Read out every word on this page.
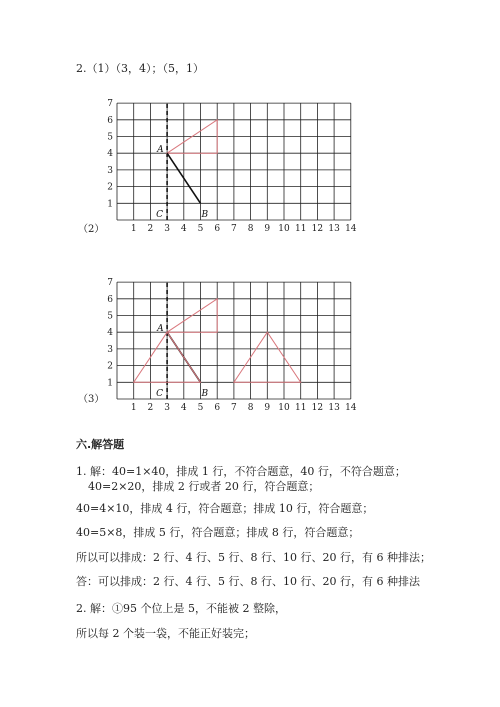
2.（1）（3，4）；（5，1）
（2）	1 2 3 4 5 6 7 8 9 10 11 12 13 14
1
2
3
4
5
6
7
A
B
C
（3）
1 2 3 4 5 6 7 8 9 10 11 12 13 14
1
2
3
4
5
6
7
A
B
C
六.解答题
1. 解：40=1×40，排成 1 行，不符合题意，40 行，不符合题意；
40=2×20，排成 2 行或者 20 行，符合题意；
40=4×10，排成 4 行，符合题意；排成 10 行，符合题意；
40=5×8，排成 5 行，符合题意；排成 8 行，符合题意；
所以可以排成：2 行、4 行、5 行、8 行、10 行、20 行，有 6 种排法；
答：可以排成：2 行、4 行、5 行、8 行、10 行、20 行，有 6 种排法
2. 解：①95 个位上是 5，不能被 2 整除，
所以每 2 个装一袋，不能正好装完；
